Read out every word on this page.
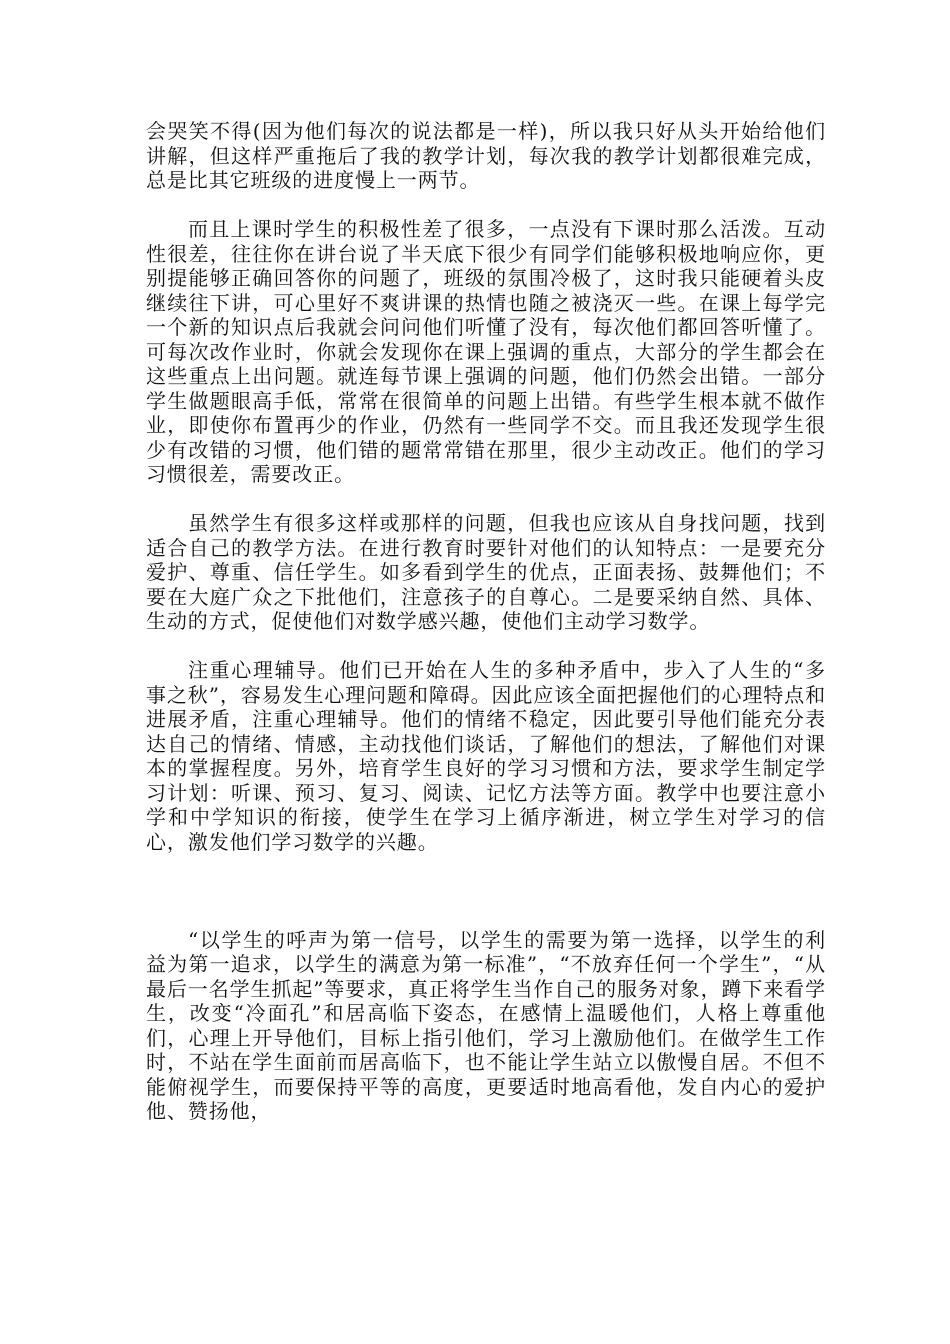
会哭笑不得(因为他们每次的说法都是一样)，所以我只好从头开始给他们讲解，但这样严重拖后了我的教学计划，每次我的教学计划都很难完成，总是比其它班级的进度慢上一两节。

而且上课时学生的积极性差了很多，一点没有下课时那么活泼。互动性很差，往往你在讲台说了半天底下很少有同学们能够积极地响应你，更别提能够正确回答你的问题了，班级的氛围冷极了，这时我只能硬着头皮继续往下讲，可心里好不爽讲课的热情也随之被浇灭一些。在课上每学完一个新的知识点后我就会问问他们听懂了没有，每次他们都回答听懂了。可每次改作业时，你就会发现你在课上强调的重点，大部分的学生都会在这些重点上出问题。就连每节课上强调的问题，他们仍然会出错。一部分学生做题眼高手低，常常在很简单的问题上出错。有些学生根本就不做作业，即使你布置再少的作业，仍然有一些同学不交。而且我还发现学生很少有改错的习惯，他们错的题常常错在那里，很少主动改正。他们的学习习惯很差，需要改正。

虽然学生有很多这样或那样的问题，但我也应该从自身找问题，找到适合自己的教学方法。在进行教育时要针对他们的认知特点：一是要充分爱护、尊重、信任学生。如多看到学生的优点，正面表扬、鼓舞他们；不要在大庭广众之下批他们，注意孩子的自尊心。二是要采纳自然、具体、生动的方式，促使他们对数学感兴趣，使他们主动学习数学。

注重心理辅导。他们已开始在人生的多种矛盾中，步入了人生的“多事之秋”，容易发生心理问题和障碍。因此应该全面把握他们的心理特点和进展矛盾，注重心理辅导。他们的情绪不稳定，因此要引导他们能充分表达自己的情绪、情感，主动找他们谈话，了解他们的想法，了解他们对课本的掌握程度。另外，培育学生良好的学习习惯和方法，要求学生制定学习计划：听课、预习、复习、阅读、记忆方法等方面。教学中也要注意小学和中学知识的衔接，使学生在学习上循序渐进，树立学生对学习的信心，激发他们学习数学的兴趣。

“以学生的呼声为第一信号，以学生的需要为第一选择，以学生的利益为第一追求，以学生的满意为第一标准”，“不放弃任何一个学生”，“从最后一名学生抓起”等要求，真正将学生当作自己的服务对象，蹲下来看学生，改变“冷面孔”和居高临下姿态，在感情上温暖他们，人格上尊重他们，心理上开导他们，目标上指引他们，学习上激励他们。在做学生工作时，不站在学生面前而居高临下，也不能让学生站立以傲慢自居。不但不能俯视学生，而要保持平等的高度，更要适时地高看他，发自内心的爱护他、赞扬他，
